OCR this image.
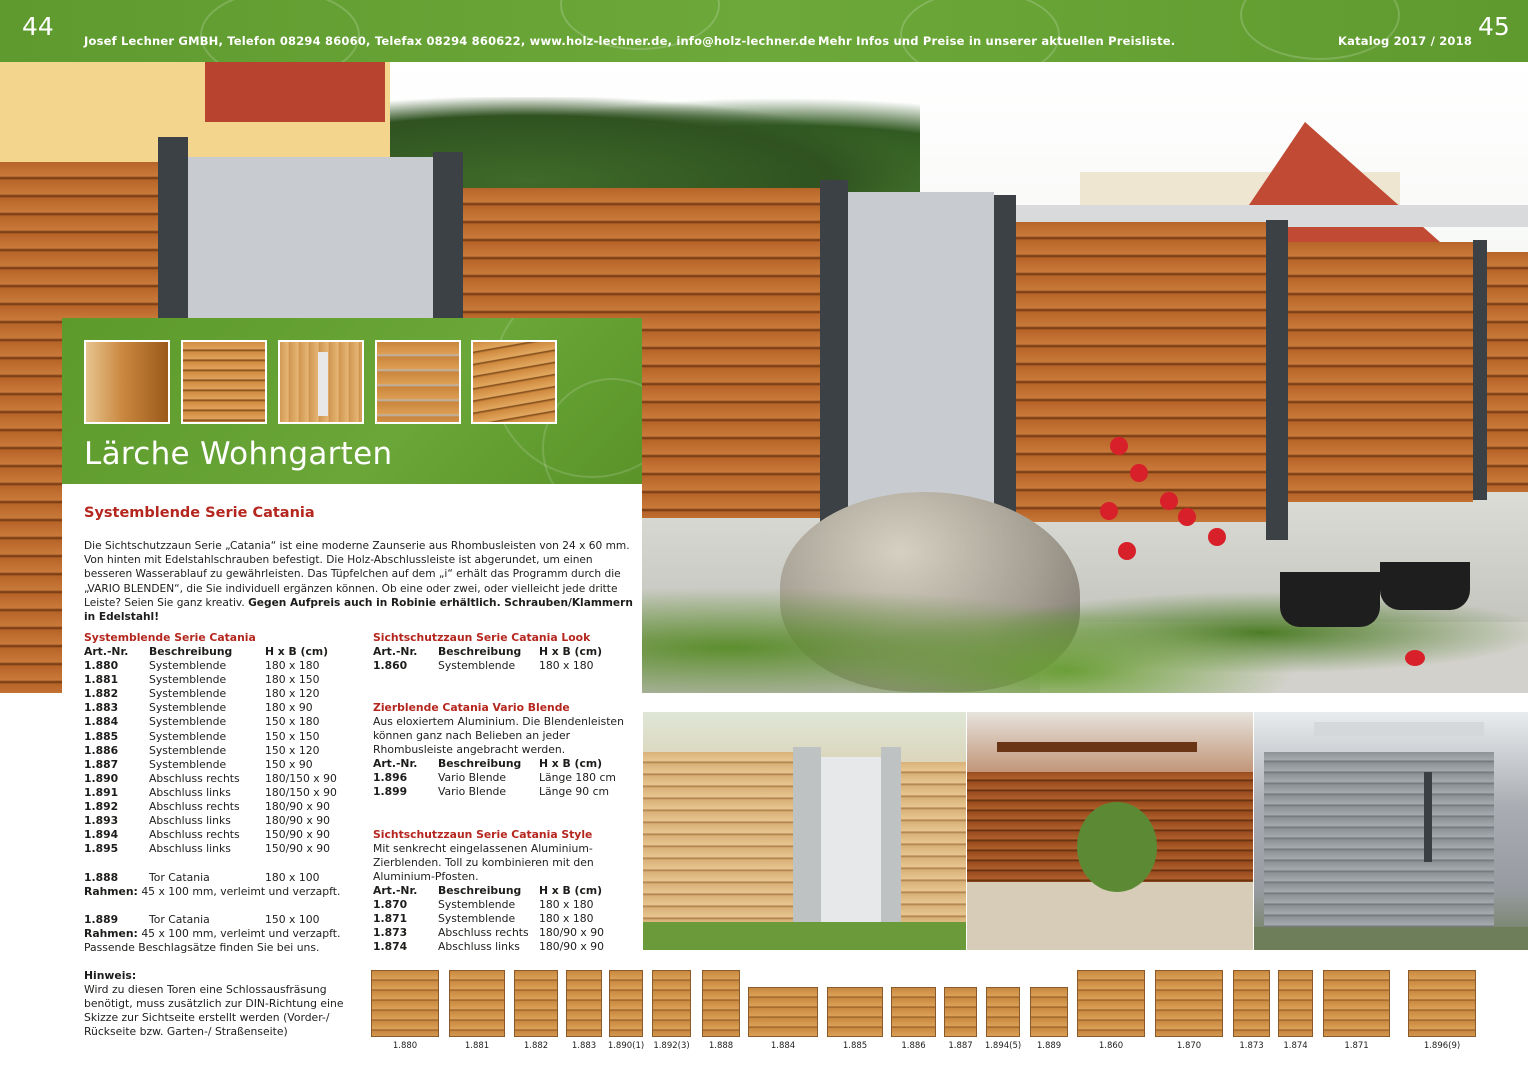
44	Josef Lechner GMBH, Telefon 08294 86060, Telefax 08294 860622, www.holz-lechner.de, info@holz-lechner.de Mehr Infos und Preise in unserer aktuellen Preisliste.	Katalog 2017 / 2018 45
Lärche Wohngarten
Systemblende Serie Catania
Die Sichtschutzzaun Serie „Catania“ ist eine moderne Zaunserie aus Rhombusleisten von 24 x 60 mm. Von hinten mit Edelstahlschrauben befestigt. Die Holz-Abschlussleiste ist abgerundet, um einen besseren Wasserablauf zu gewährleisten. Das Tüpfelchen auf dem „i“ erhält das Programm durch die „VARIO BLENDEN“, die Sie individuell ergänzen können. Ob eine oder zwei, oder vielleicht jede dritte Leiste? Seien Sie ganz kreativ. Gegen Aufpreis auch in Robinie erhältlich. Schrauben/Klammern in Edelstahl!
Systemblende Serie Catania
Art.-Nr. Beschreibung	H x B (cm)
1.880	Systemblende	180 x 180
1.881	Systemblende	180 x 150
1.882	Systemblende	180 x 120
1.883	Systemblende	180 x 90
1.884	Systemblende	150 x 180
1.885	Systemblende	150 x 150
1.886	Systemblende	150 x 120
1.887	Systemblende	150 x 90
1.890	Abschluss rechts 180/150 x 90
1.891	Abschluss links	180/150 x 90
1.892	Abschluss rechts 180/90 x 90
1.893	Abschluss links	180/90 x 90
1.894	Abschluss rechts 150/90 x 90
1.895	Abschluss links	150/90 x 90
1.888	Tor Catania	180 x 100
Rahmen: 45 x 100 mm, verleimt und verzapft.
1.889	Tor Catania	150 x 100
Rahmen: 45 x 100 mm, verleimt und verzapft.
Passende Beschlagsätze finden Sie bei uns.
Hinweis:
Wird zu diesen Toren eine Schlossausfräsung benötigt, muss zusätzlich zur DIN-Richtung eine Skizze zur Sichtseite erstellt werden (Vorder-/ Rückseite bzw. Garten-/ Straßenseite)
Sichtschutzzaun Serie Catania Look
Art.-Nr. Beschreibung H x B (cm)
1.860	Systemblende 180 x 180
Zierblende Catania Vario Blende
Aus eloxiertem Aluminium. Die Blendenleisten können ganz nach Belieben an jeder Rhombusleiste angebracht werden.
Art.-Nr. Beschreibung H x B (cm)
1.896	Vario Blende	Länge 180 cm
1.899	Vario Blende	Länge 90 cm
Sichtschutzzaun Serie Catania Style
Mit senkrecht eingelassenen Aluminium-Zierblenden. Toll zu kombinieren mit den Aluminium-Pfosten.
Art.-Nr. Beschreibung H x B (cm)
1.870	Systemblende 180 x 180
1.871	Systemblende 180 x 180
1.873	Abschluss rechts 180/90 x 90
1.874	Abschluss links 180/90 x 90
1.880	1.881	1.882	1.883	1.890(1)	1.892(3)	1.888	1.884	1.885	1.886	1.887	1.894(5)	1.889	1.860	1.870	1.873	1.874	1.871	1.896(9)
